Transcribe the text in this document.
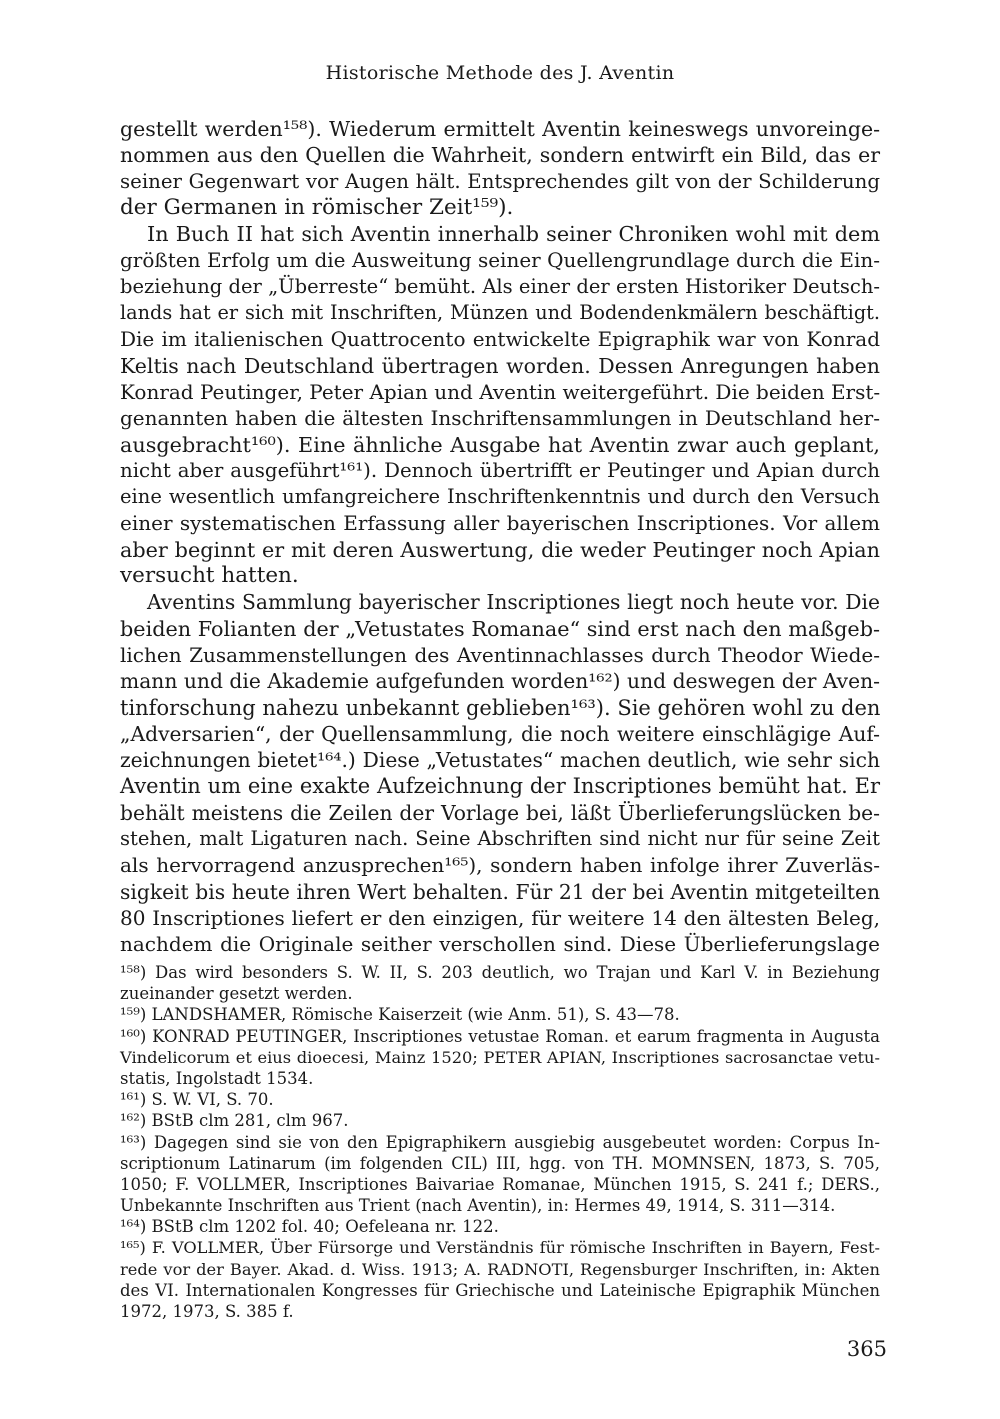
Historische Methode des J. Aventin
gestellt werden¹⁵⁸). Wiederum ermittelt Aventin keineswegs unvoreinge-
nommen aus den Quellen die Wahrheit, sondern entwirft ein Bild, das er
seiner Gegenwart vor Augen hält. Entsprechendes gilt von der Schilderung
der Germanen in römischer Zeit¹⁵⁹).
In Buch II hat sich Aventin innerhalb seiner Chroniken wohl mit dem
größten Erfolg um die Ausweitung seiner Quellengrundlage durch die Ein-
beziehung der „Überreste“ bemüht. Als einer der ersten Historiker Deutsch-
lands hat er sich mit Inschriften, Münzen und Bodendenkmälern beschäftigt.
Die im italienischen Quattrocento entwickelte Epigraphik war von Konrad
Keltis nach Deutschland übertragen worden. Dessen Anregungen haben
Konrad Peutinger, Peter Apian und Aventin weitergeführt. Die beiden Erst-
genannten haben die ältesten Inschriftensammlungen in Deutschland her-
ausgebracht¹⁶⁰). Eine ähnliche Ausgabe hat Aventin zwar auch geplant,
nicht aber ausgeführt¹⁶¹). Dennoch übertrifft er Peutinger und Apian durch
eine wesentlich umfangreichere Inschriftenkenntnis und durch den Versuch
einer systematischen Erfassung aller bayerischen Inscriptiones. Vor allem
aber beginnt er mit deren Auswertung, die weder Peutinger noch Apian
versucht hatten.
Aventins Sammlung bayerischer Inscriptiones liegt noch heute vor. Die
beiden Folianten der „Vetustates Romanae“ sind erst nach den maßgeb-
lichen Zusammenstellungen des Aventinnachlasses durch Theodor Wiede-
mann und die Akademie aufgefunden worden¹⁶²) und deswegen der Aven-
tinforschung nahezu unbekannt geblieben¹⁶³). Sie gehören wohl zu den
„Adversarien“, der Quellensammlung, die noch weitere einschlägige Auf-
zeichnungen bietet¹⁶⁴.) Diese „Vetustates“ machen deutlich, wie sehr sich
Aventin um eine exakte Aufzeichnung der Inscriptiones bemüht hat. Er
behält meistens die Zeilen der Vorlage bei, läßt Überlieferungslücken be-
stehen, malt Ligaturen nach. Seine Abschriften sind nicht nur für seine Zeit
als hervorragend anzusprechen¹⁶⁵), sondern haben infolge ihrer Zuverläs-
sigkeit bis heute ihren Wert behalten. Für 21 der bei Aventin mitgeteilten
80 Inscriptiones liefert er den einzigen, für weitere 14 den ältesten Beleg,
nachdem die Originale seither verschollen sind. Diese Überlieferungslage
¹⁵⁸) Das wird besonders S. W. II, S. 203 deutlich, wo Trajan und Karl V. in Beziehung
zueinander gesetzt werden.
¹⁵⁹) LANDSHAMER, Römische Kaiserzeit (wie Anm. 51), S. 43—78.
¹⁶⁰) KONRAD PEUTINGER, Inscriptiones vetustae Roman. et earum fragmenta in Augusta
Vindelicorum et eius dioecesi, Mainz 1520; PETER APIAN, Inscriptiones sacrosanctae vetu-
statis, Ingolstadt 1534.
¹⁶¹) S. W. VI, S. 70.
¹⁶²) BStB clm 281, clm 967.
¹⁶³) Dagegen sind sie von den Epigraphikern ausgiebig ausgebeutet worden: Corpus In-
scriptionum Latinarum (im folgenden CIL) III, hgg. von TH. MOMNSEN, 1873, S. 705,
1050; F. VOLLMER, Inscriptiones Baivariae Romanae, München 1915, S. 241 f.; DERS.,
Unbekannte Inschriften aus Trient (nach Aventin), in: Hermes 49, 1914, S. 311—314.
¹⁶⁴) BStB clm 1202 fol. 40; Oefeleana nr. 122.
¹⁶⁵) F. VOLLMER, Über Fürsorge und Verständnis für römische Inschriften in Bayern, Fest-
rede vor der Bayer. Akad. d. Wiss. 1913; A. RADNOTI, Regensburger Inschriften, in: Akten
des VI. Internationalen Kongresses für Griechische und Lateinische Epigraphik München
1972, 1973, S. 385 f.
365
